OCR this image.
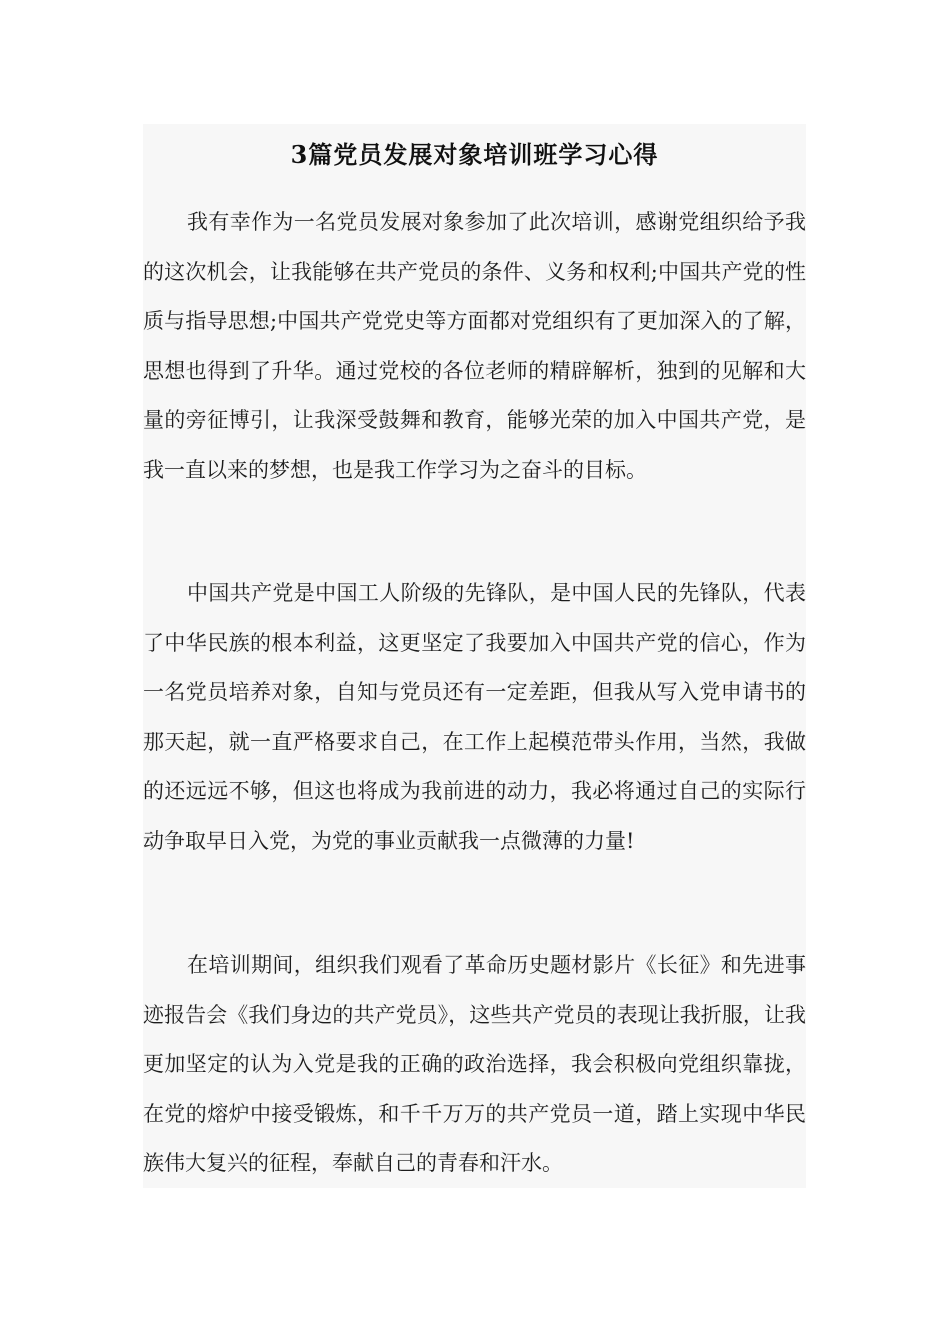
3篇党员发展对象培训班学习心得

我有幸作为一名党员发展对象参加了此次培训，感谢党组织给予我的这次机会，让我能够在共产党员的条件、义务和权利;中国共产党的性质与指导思想;中国共产党党史等方面都对党组织有了更加深入的了解，思想也得到了升华。通过党校的各位老师的精辟解析，独到的见解和大量的旁征博引，让我深受鼓舞和教育，能够光荣的加入中国共产党，是我一直以来的梦想，也是我工作学习为之奋斗的目标。

中国共产党是中国工人阶级的先锋队，是中国人民的先锋队，代表了中华民族的根本利益，这更坚定了我要加入中国共产党的信心，作为一名党员培养对象，自知与党员还有一定差距，但我从写入党申请书的那天起，就一直严格要求自己，在工作上起模范带头作用，当然，我做的还远远不够，但这也将成为我前进的动力，我必将通过自己的实际行动争取早日入党，为党的事业贡献我一点微薄的力量!

在培训期间，组织我们观看了革命历史题材影片《长征》和先进事迹报告会《我们身边的共产党员》，这些共产党员的表现让我折服，让我更加坚定的认为入党是我的正确的政治选择，我会积极向党组织靠拢，在党的熔炉中接受锻炼，和千千万万的共产党员一道，踏上实现中华民族伟大复兴的征程，奉献自己的青春和汗水。
